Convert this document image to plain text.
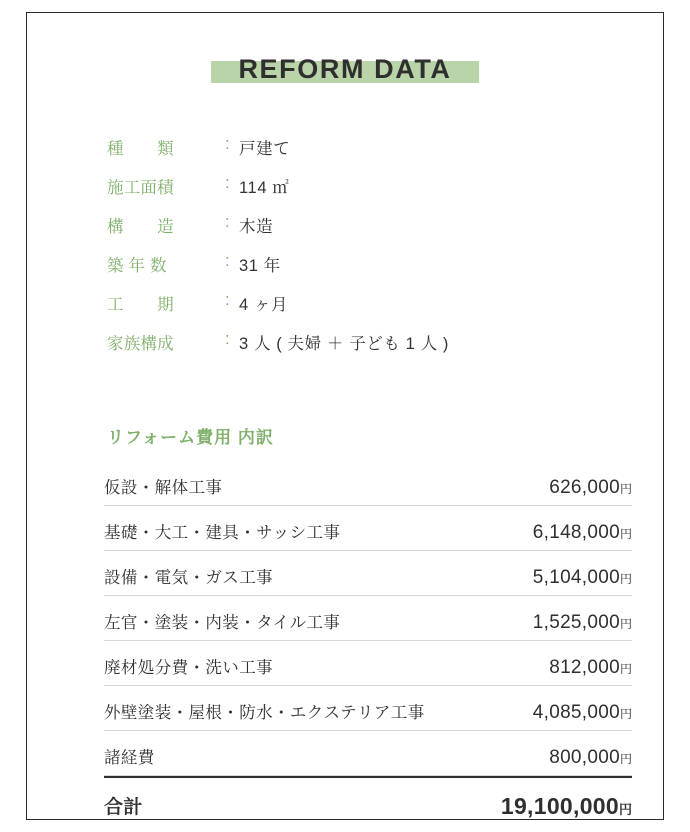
REFORM DATA
種　　類	: 戸建て
施工面積	: 114 ㎡
構　　造	: 木造
築 年 数	: 31 年
工　　期	: 4 ヶ月
家族構成	: 3 人 ( 夫婦 ＋ 子ども 1 人 )
リフォーム費用 内訳
仮設・解体工事	626,000円
基礎・大工・建具・サッシ工事	6,148,000円
設備・電気・ガス工事	5,104,000円
左官・塗装・内装・タイル工事	1,525,000円
廃材処分費・洗い工事	812,000円
外壁塗装・屋根・防水・エクステリア工事	4,085,000円
諸経費	800,000円
合計	19,100,000円
